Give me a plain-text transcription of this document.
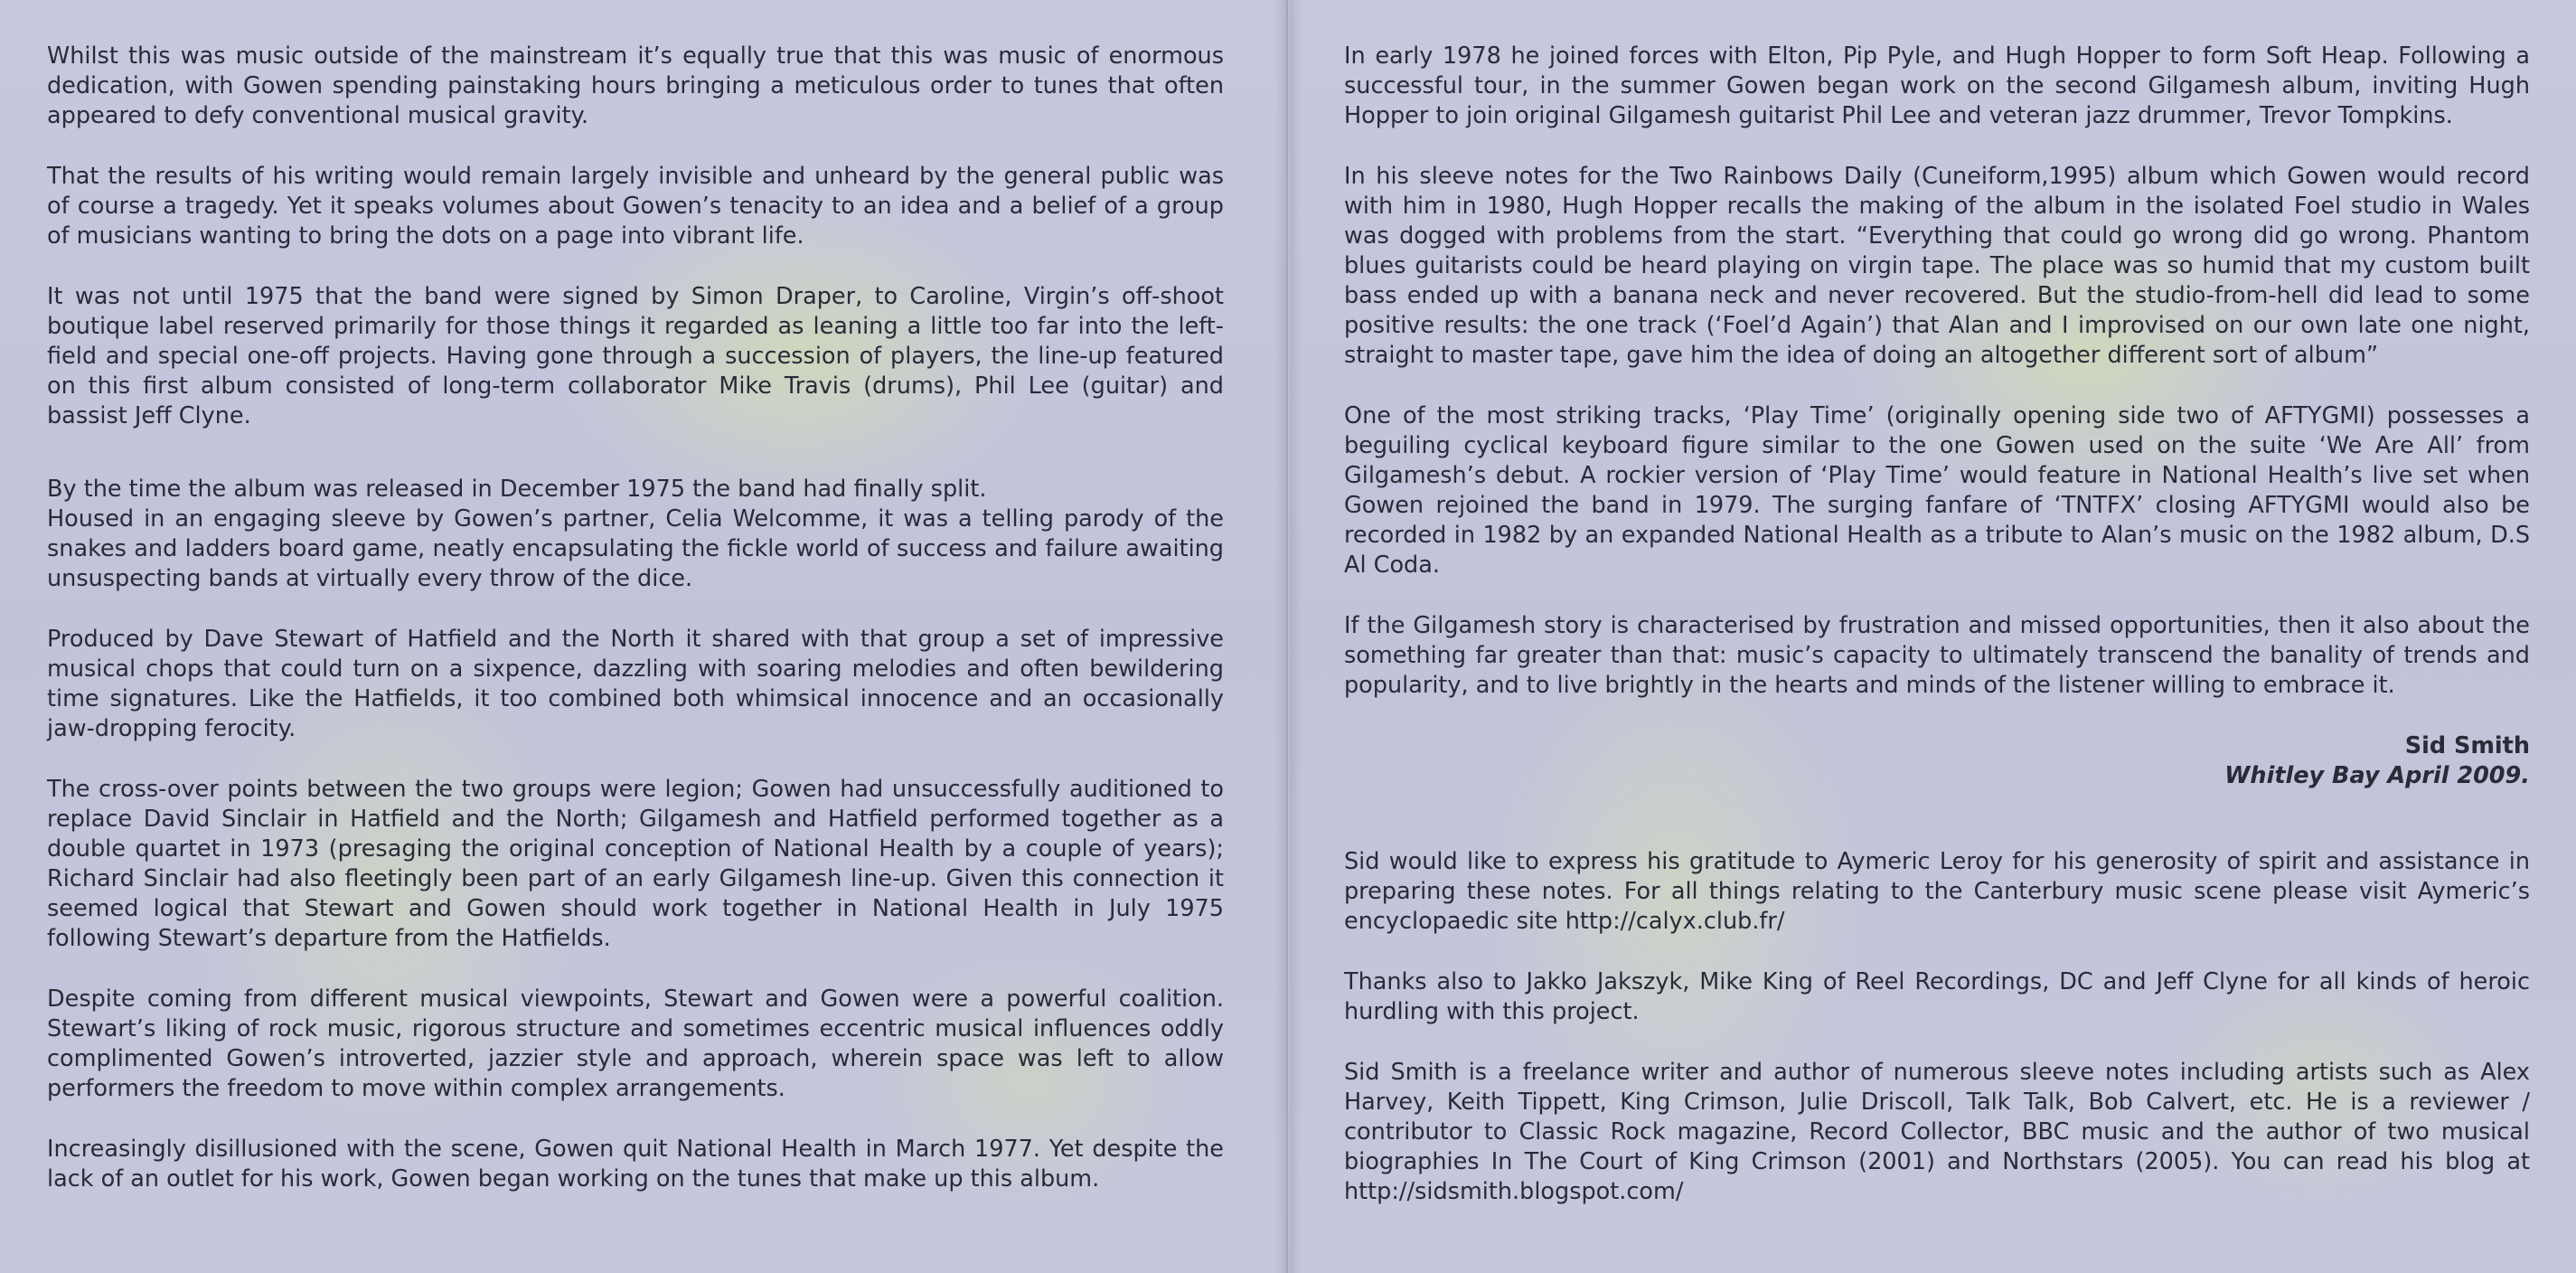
Whilst this was music outside of the mainstream it’s equally true that this was music of enormous dedication, with Gowen spending painstaking hours bringing a meticulous order to tunes that often appeared to defy conventional musical gravity.

That the results of his writing would remain largely invisible and unheard by the general public was of course a tragedy. Yet it speaks volumes about Gowen’s tenacity to an idea and a belief of a group of musicians wanting to bring the dots on a page into vibrant life.

It was not until 1975 that the band were signed by Simon Draper, to Caroline, Virgin’s off-shoot boutique label reserved primarily for those things it regarded as leaning a little too far into the left-field and special one-off projects. Having gone through a succession of players, the line-up featured on this first album consisted of long-term collaborator Mike Travis (drums), Phil Lee (guitar) and bassist Jeff Clyne.

By the time the album was released in December 1975 the band had finally split.

Housed in an engaging sleeve by Gowen’s partner, Celia Welcomme, it was a telling parody of the snakes and ladders board game, neatly encapsulating the fickle world of success and failure awaiting unsuspecting bands at virtually every throw of the dice.

Produced by Dave Stewart of Hatfield and the North it shared with that group a set of impressive musical chops that could turn on a sixpence, dazzling with soaring melodies and often bewildering time signatures. Like the Hatfields, it too combined both whimsical innocence and an occasionally jaw-dropping ferocity.

The cross-over points between the two groups were legion; Gowen had unsuccessfully auditioned to replace David Sinclair in Hatfield and the North; Gilgamesh and Hatfield performed together as a double quartet in 1973 (presaging the original conception of National Health by a couple of years); Richard Sinclair had also fleetingly been part of an early Gilgamesh line-up. Given this connection it seemed logical that Stewart and Gowen should work together in National Health in July 1975 following Stewart’s departure from the Hatfields.

Despite coming from different musical viewpoints, Stewart and Gowen were a powerful coalition. Stewart’s liking of rock music, rigorous structure and sometimes eccentric musical influences oddly complimented Gowen’s introverted, jazzier style and approach, wherein space was left to allow performers the freedom to move within complex arrangements.

Increasingly disillusioned with the scene, Gowen quit National Health in March 1977. Yet despite the lack of an outlet for his work, Gowen began working on the tunes that make up this album.

In early 1978 he joined forces with Elton, Pip Pyle, and Hugh Hopper to form Soft Heap. Following a successful tour, in the summer Gowen began work on the second Gilgamesh album, inviting Hugh Hopper to join original Gilgamesh guitarist Phil Lee and veteran jazz drummer, Trevor Tompkins.

In his sleeve notes for the Two Rainbows Daily (Cuneiform,1995) album which Gowen would record with him in 1980, Hugh Hopper recalls the making of the album in the isolated Foel studio in Wales was dogged with problems from the start. “Everything that could go wrong did go wrong. Phantom blues guitarists could be heard playing on virgin tape. The place was so humid that my custom built bass ended up with a banana neck and never recovered. But the studio-from-hell did lead to some positive results: the one track (‘Foel’d Again’) that Alan and I improvised on our own late one night, straight to master tape, gave him the idea of doing an altogether different sort of album”

One of the most striking tracks, ‘Play Time’ (originally opening side two of AFTYGMI) possesses a beguiling cyclical keyboard figure similar to the one Gowen used on the suite ‘We Are All’ from Gilgamesh’s debut. A rockier version of ‘Play Time’ would feature in National Health’s live set when Gowen rejoined the band in 1979. The surging fanfare of ‘TNTFX’ closing AFTYGMI would also be recorded in 1982 by an expanded National Health as a tribute to Alan’s music on the 1982 album, D.S Al Coda.

If the Gilgamesh story is characterised by frustration and missed opportunities, then it also about the something far greater than that: music’s capacity to ultimately transcend the banality of trends and popularity, and to live brightly in the hearts and minds of the listener willing to embrace it.

Sid Smith

Whitley Bay April 2009.

Sid would like to express his gratitude to Aymeric Leroy for his generosity of spirit and assistance in preparing these notes. For all things relating to the Canterbury music scene please visit Aymeric’s encyclopaedic site http://calyx.club.fr/

Thanks also to Jakko Jakszyk, Mike King of Reel Recordings, DC and Jeff Clyne for all kinds of heroic hurdling with this project.

Sid Smith is a freelance writer and author of numerous sleeve notes including artists such as Alex Harvey, Keith Tippett, King Crimson, Julie Driscoll, Talk Talk, Bob Calvert, etc. He is a reviewer / contributor to Classic Rock magazine, Record Collector, BBC music and the author of two musical biographies In The Court of King Crimson (2001) and Northstars (2005). You can read his blog at http://sidsmith.blogspot.com/
